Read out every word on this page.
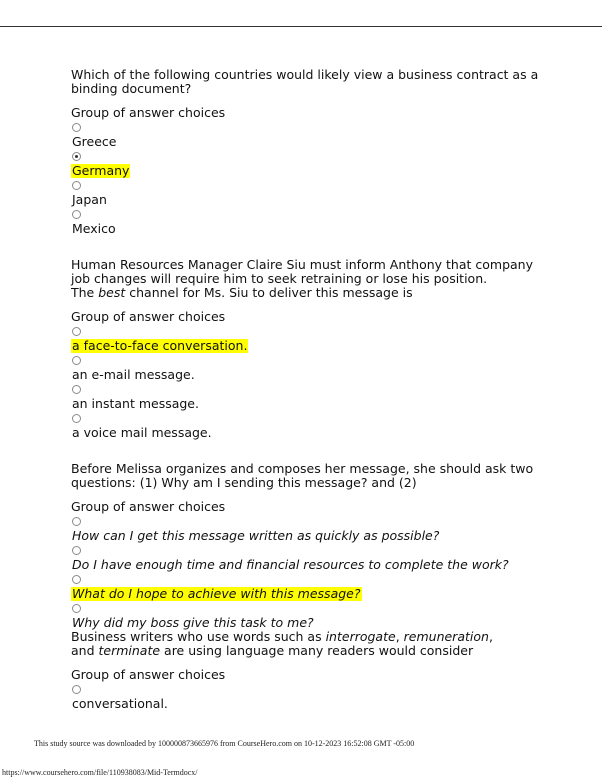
Which of the following countries would likely view a business contract as a binding document?
Group of answer choices
Greece
Germany
Japan
Mexico
Human Resources Manager Claire Siu must inform Anthony that company job changes will require him to seek retraining or lose his position.
The best channel for Ms. Siu to deliver this message is
Group of answer choices
a face-to-face conversation.
an e-mail message.
an instant message.
a voice mail message.
Before Melissa organizes and composes her message, she should ask two questions: (1) Why am I sending this message? and (2)
Group of answer choices
How can I get this message written as quickly as possible?
Do I have enough time and financial resources to complete the work?
What do I hope to achieve with this message?
Why did my boss give this task to me?
Business writers who use words such as interrogate, remuneration,
and terminate are using language many readers would consider
Group of answer choices
conversational.
This study source was downloaded by 100000873665976 from CourseHero.com on 10-12-2023 16:52:08 GMT -05:00
https://www.coursehero.com/file/110938083/Mid-Termdocx/
